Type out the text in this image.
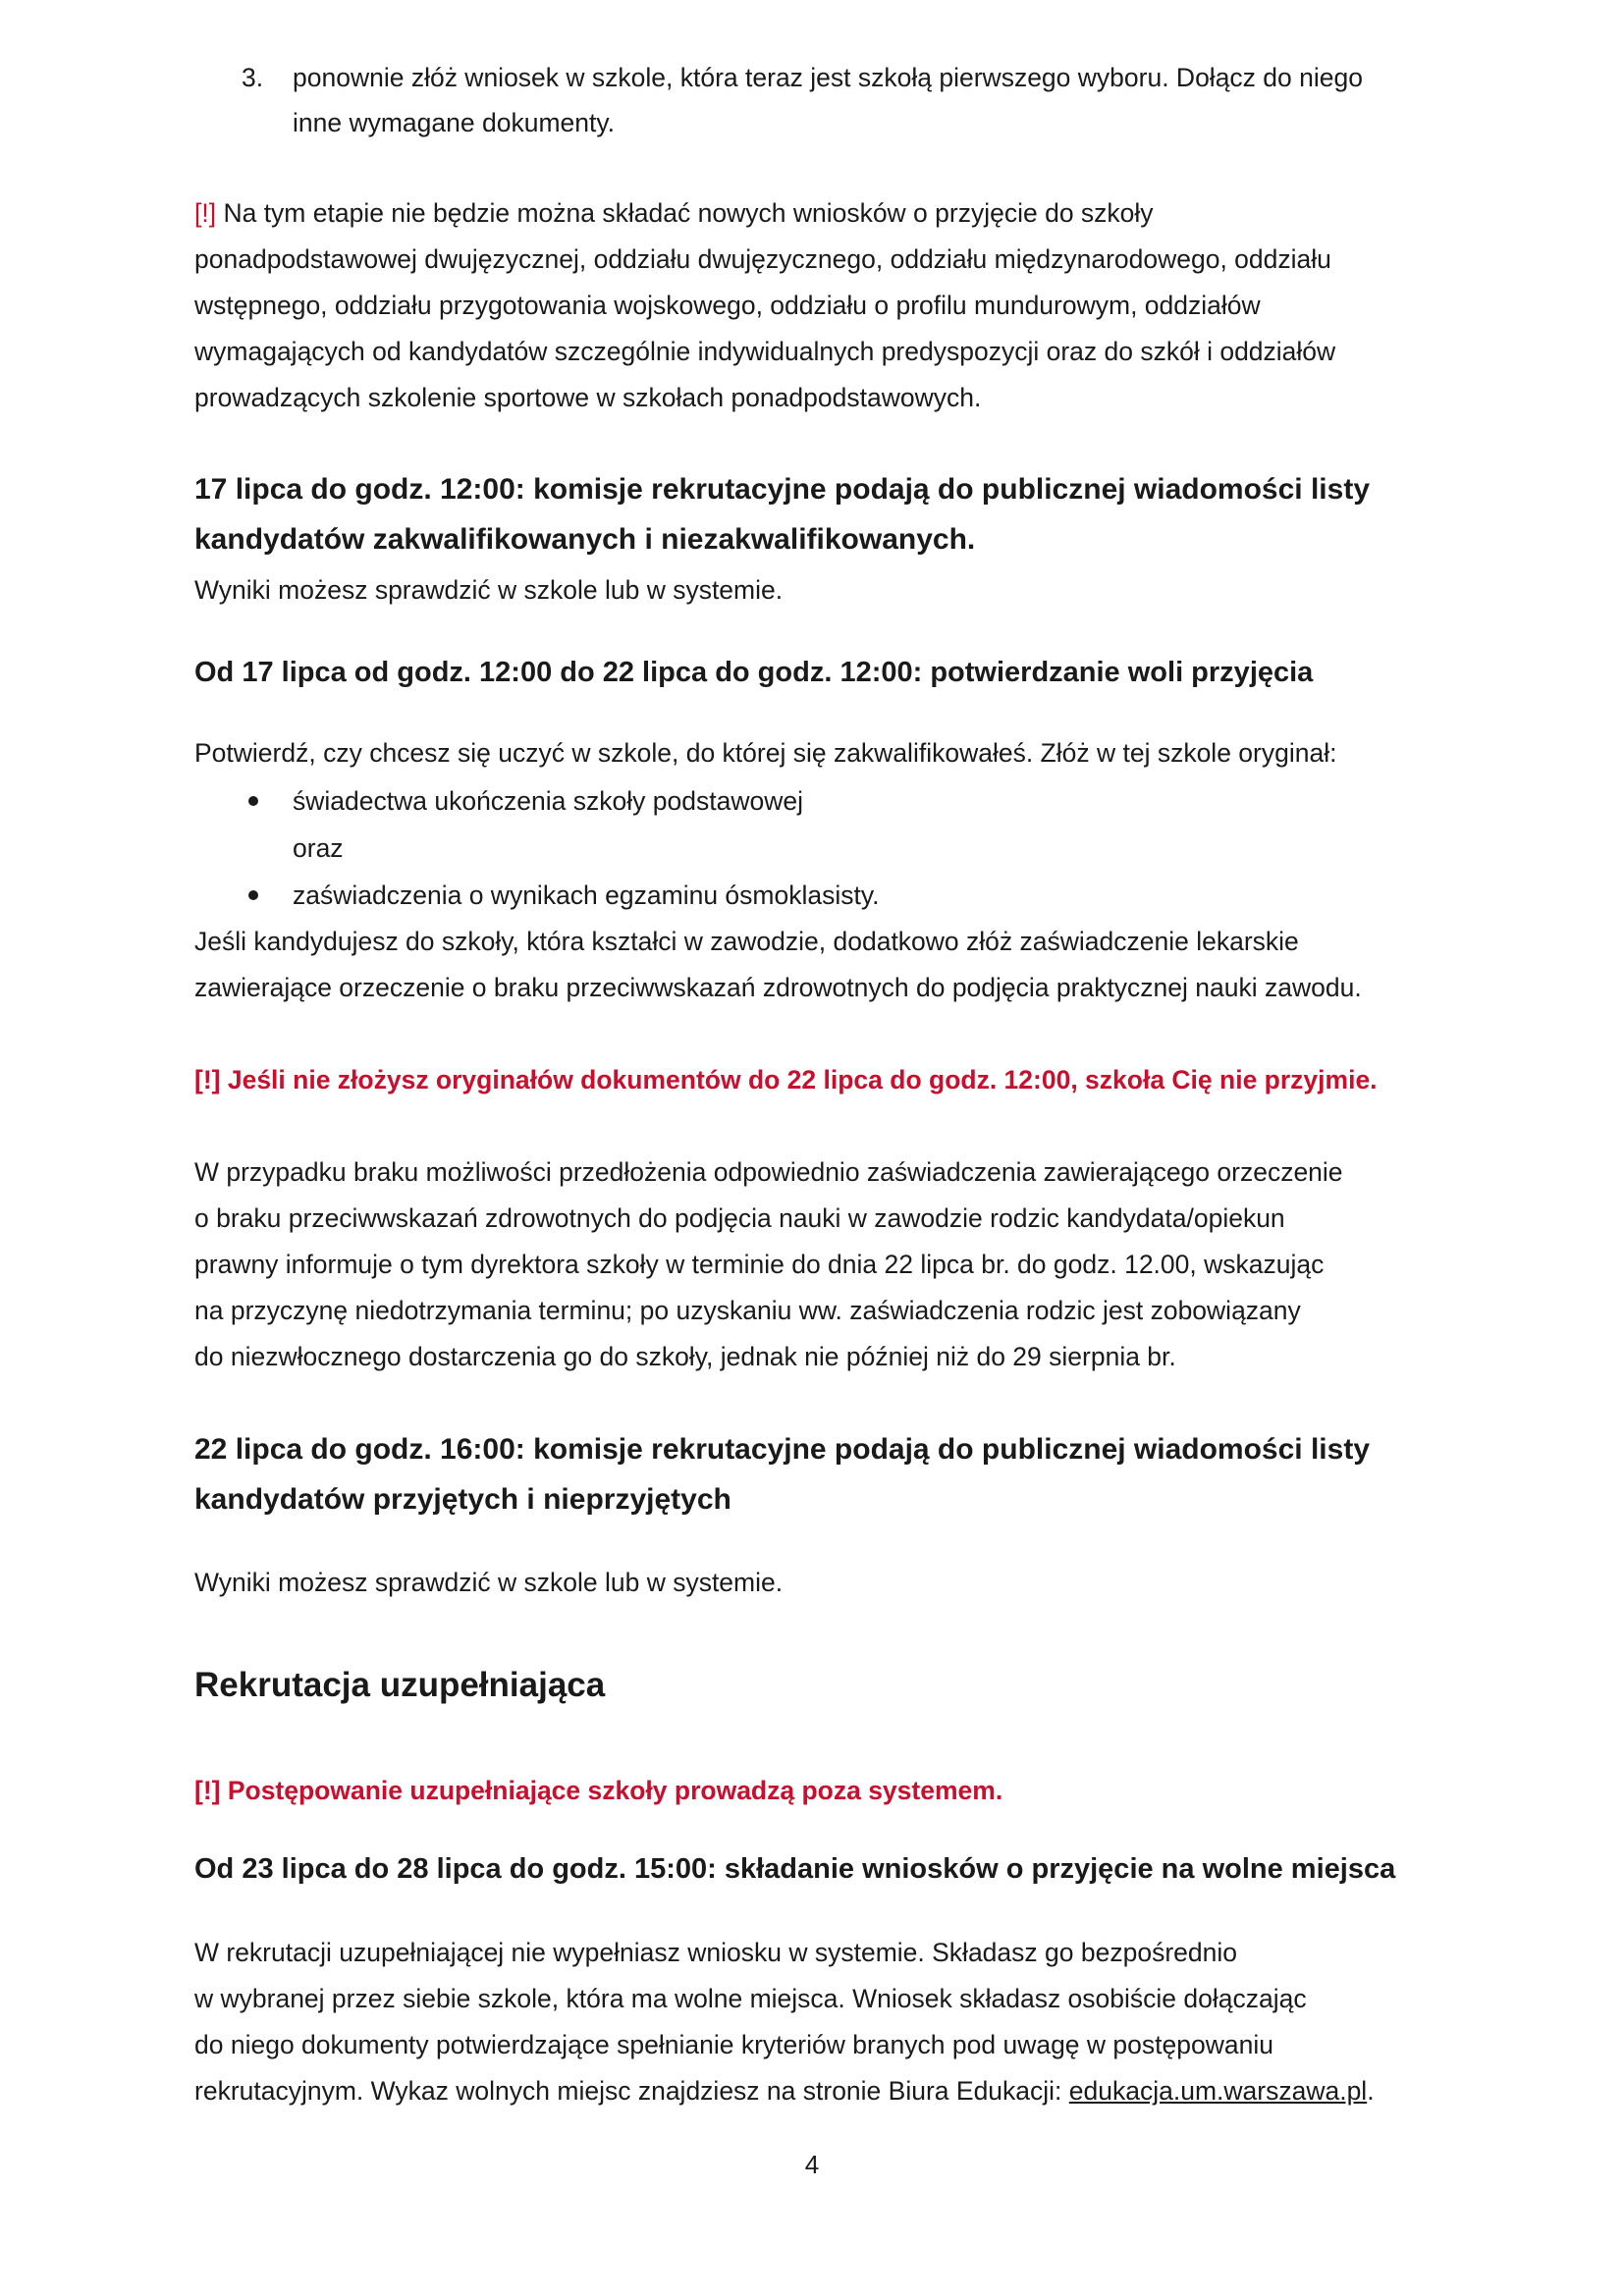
3. ponownie złóż wniosek w szkole, która teraz jest szkołą pierwszego wyboru. Dołącz do niego

inne wymagane dokumenty.

[!] Na tym etapie nie będzie można składać nowych wniosków o przyjęcie do szkoły

ponadpodstawowej dwujęzycznej, oddziału dwujęzycznego, oddziału międzynarodowego, oddziału

wstępnego, oddziału przygotowania wojskowego, oddziału o profilu mundurowym, oddziałów

wymagających od kandydatów szczególnie indywidualnych predyspozycji oraz do szkół i oddziałów

prowadzących szkolenie sportowe w szkołach ponadpodstawowych.

17 lipca do godz. 12:00: komisje rekrutacyjne podają do publicznej wiadomości listy

kandydatów zakwalifikowanych i niezakwalifikowanych.

Wyniki możesz sprawdzić w szkole lub w systemie.

Od 17 lipca od godz. 12:00 do 22 lipca do godz. 12:00: potwierdzanie woli przyjęcia

Potwierdź, czy chcesz się uczyć w szkole, do której się zakwalifikowałeś. Złóż w tej szkole oryginał:

świadectwa ukończenia szkoły podstawowej

oraz

zaświadczenia o wynikach egzaminu ósmoklasisty.

Jeśli kandydujesz do szkoły, która kształci w zawodzie, dodatkowo złóż zaświadczenie lekarskie

zawierające orzeczenie o braku przeciwwskazań zdrowotnych do podjęcia praktycznej nauki zawodu.

[!] Jeśli nie złożysz oryginałów dokumentów do 22 lipca do godz. 12:00, szkoła Cię nie przyjmie.

W przypadku braku możliwości przedłożenia odpowiednio zaświadczenia zawierającego orzeczenie

o braku przeciwwskazań zdrowotnych do podjęcia nauki w zawodzie rodzic kandydata/opiekun

prawny informuje o tym dyrektora szkoły w terminie do dnia 22 lipca br. do godz. 12.00, wskazując

na przyczynę niedotrzymania terminu; po uzyskaniu ww. zaświadczenia rodzic jest zobowiązany

do niezwłocznego dostarczenia go do szkoły, jednak nie później niż do 29 sierpnia br.

22 lipca do godz. 16:00: komisje rekrutacyjne podają do publicznej wiadomości listy

kandydatów przyjętych i nieprzyjętych

Wyniki możesz sprawdzić w szkole lub w systemie.

Rekrutacja uzupełniająca

[!] Postępowanie uzupełniające szkoły prowadzą poza systemem.

Od 23 lipca do 28 lipca do godz. 15:00: składanie wniosków o przyjęcie na wolne miejsca

W rekrutacji uzupełniającej nie wypełniasz wniosku w systemie. Składasz go bezpośrednio

w wybranej przez siebie szkole, która ma wolne miejsca. Wniosek składasz osobiście dołączając

do niego dokumenty potwierdzające spełnianie kryteriów branych pod uwagę w postępowaniu

rekrutacyjnym. Wykaz wolnych miejsc znajdziesz na stronie Biura Edukacji: edukacja.um.warszawa.pl.

4
